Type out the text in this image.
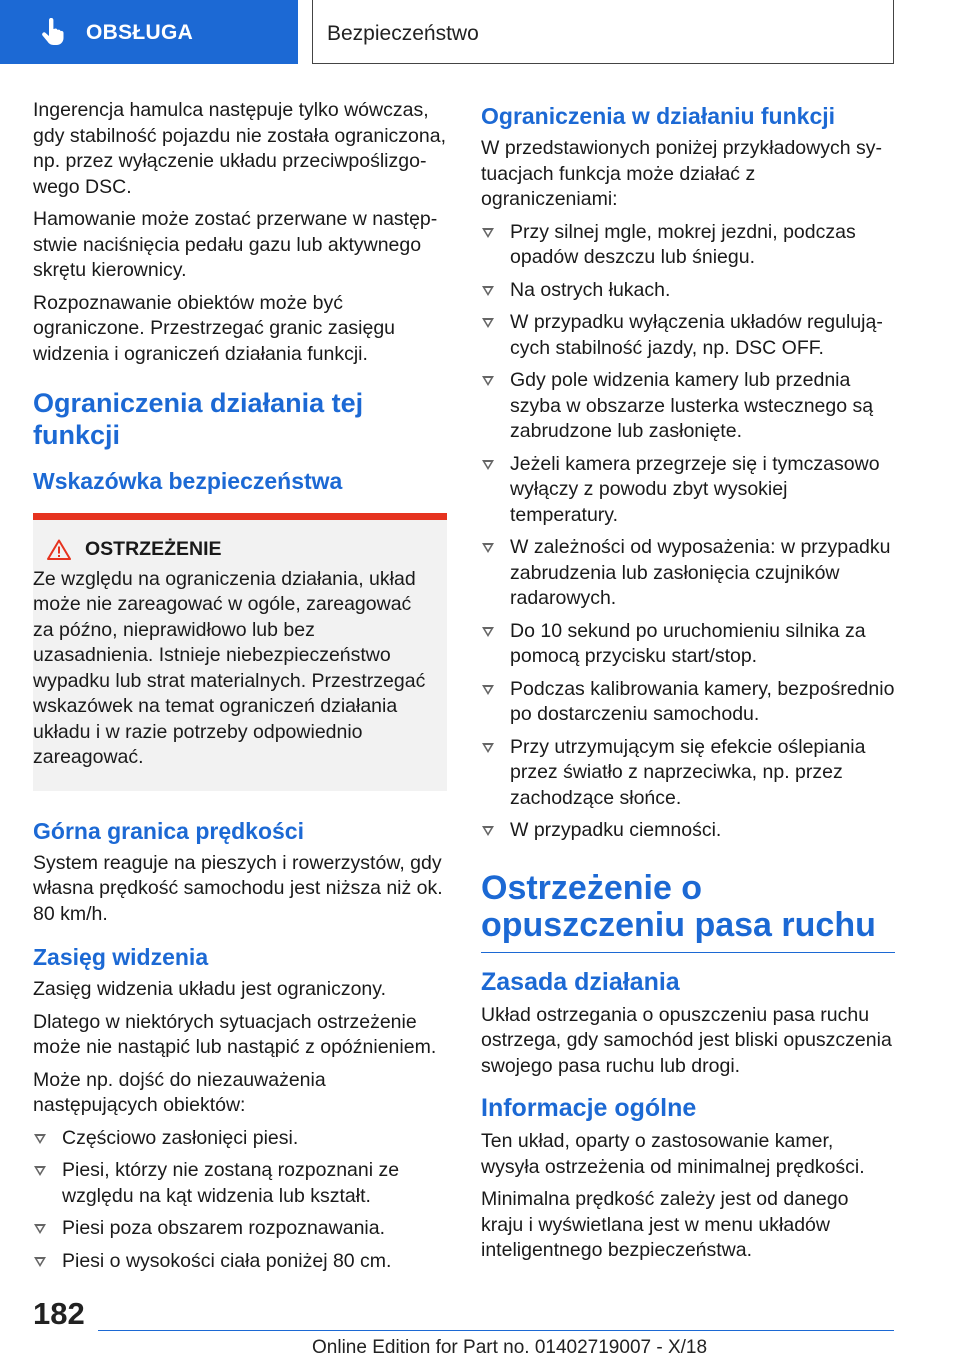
OBSŁUGA	Bezpieczeństwo

Ingerencja hamulca następuje tylko wówczas, gdy stabilność pojazdu nie została ograniczona, np. przez wyłączenie układu przeciwpoślizgowego DSC.

Hamowanie może zostać przerwane w następstwie naciśnięcia pedału gazu lub aktywnego skrętu kierownicy.

Rozpoznawanie obiektów może być ograniczone. Przestrzegać granic zasięgu widzenia i ograniczeń działania funkcji.

Ograniczenia działania tej funkcji
Wskazówka bezpieczeństwa
OSTRZEŻENIE
Ze względu na ograniczenia działania, układ może nie zareagować w ogóle, zareagować za późno, nieprawidłowo lub bez uzasadnienia. Istnieje niebezpieczeństwo wypadku lub strat materialnych. Przestrzegać wskazówek na temat ograniczeń działania układu i w razie potrzeby odpowiednio zareagować.
Górna granica prędkości

System reaguje na pieszych i rowerzystów, gdy własna prędkość samochodu jest niższa niż ok. 80 km/h.

Zasięg widzenia

Zasięg widzenia układu jest ograniczony.

Dlatego w niektórych sytuacjach ostrzeżenie może nie nastąpić lub nastąpić z opóźnieniem.

Może np. dojść do niezauważenia następujących obiektów:

Częściowo zasłonięci piesi.
Piesi, którzy nie zostaną rozpoznani ze względu na kąt widzenia lub kształt.
Piesi poza obszarem rozpoznawania.
Piesi o wysokości ciała poniżej 80 cm.
Ograniczenia w działaniu funkcji

W przedstawionych poniżej przykładowych sytuacjach funkcja może działać z ograniczeniami:

Przy silnej mgle, mokrej jezdni, podczas opadów deszczu lub śniegu.
Na ostrych łukach.
W przypadku wyłączenia układów regulujących stabilność jazdy, np. DSC OFF.
Gdy pole widzenia kamery lub przednia szyba w obszarze lusterka wstecznego są zabrudzone lub zasłonięte.
Jeżeli kamera przegrzeje się i tymczasowo wyłączy z powodu zbyt wysokiej temperatury.
W zależności od wyposażenia: w przypadku zabrudzenia lub zasłonięcia czujników radarowych.
Do 10 sekund po uruchomieniu silnika za pomocą przycisku start/stop.
Podczas kalibrowania kamery, bezpośrednio po dostarczeniu samochodu.
Przy utrzymującym się efekcie oślepiania przez światło z naprzeciwka, np. przez zachodzące słońce.
W przypadku ciemności.
Ostrzeżenie o opuszczeniu pasa ruchu
Zasada działania

Układ ostrzegania o opuszczeniu pasa ruchu ostrzega, gdy samochód jest bliski opuszczenia swojego pasa ruchu lub drogi.

Informacje ogólne

Ten układ, oparty o zastosowanie kamer, wysyła ostrzeżenia od minimalnej prędkości.

Minimalna prędkość zależy jest od danego kraju i wyświetlana jest w menu układów inteligentnego bezpieczeństwa.

182
Online Edition for Part no. 01402719007 - X/18
